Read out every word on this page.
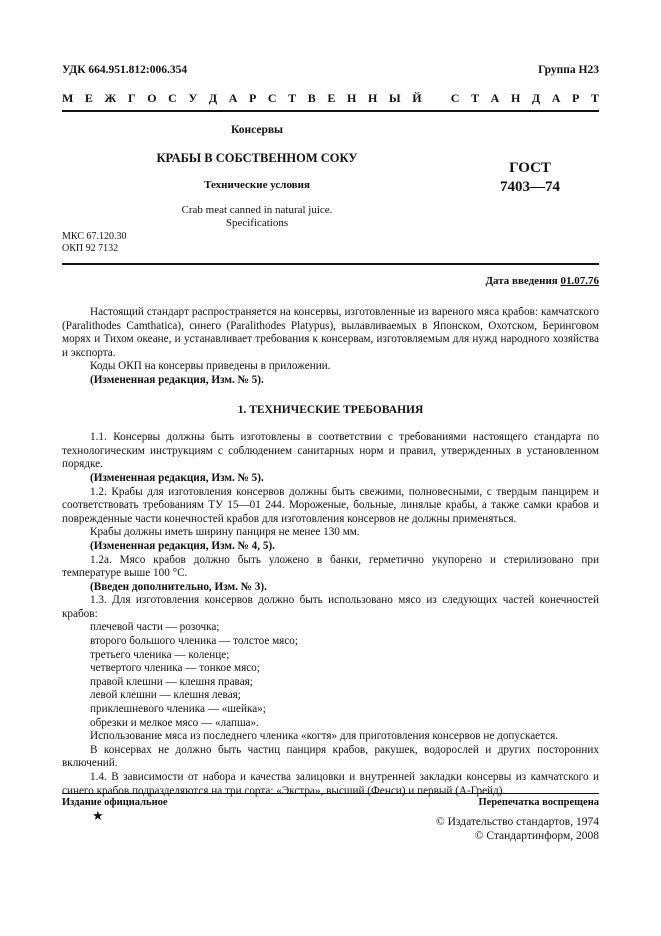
УДК 664.951.812:006.354	Группа Н23
М Е Ж Г О С У Д А Р С Т В Е Н Н Ы Й
С Т А Н Д А Р Т
Консервы
КРАБЫ В СОБСТВЕННОМ СОКУ
Технические условия
Crab meat canned in natural juice.
Specifications
ГОСТ
7403—74
МКС 67.120.30
ОКП 92 7132
Дата введения 01.07.76

Настоящий стандарт распространяется на консервы, изготовленные из вареного мяса крабов: камчатского (Paralithodes Camthatica), синего (Paralithodes Platypus), вылавливаемых в Японском, Охотском, Беринговом морях и Тихом океане, и устанавливает требования к консервам, изготовляемым для нужд народного хозяйства и экспорта.

Коды ОКП на консервы приведены в приложении.

(Измененная редакция, Изм. № 5).

1. ТЕХНИЧЕСКИЕ ТРЕБОВАНИЯ

1.1. Консервы должны быть изготовлены в соответствии с требованиями настоящего стандарта по технологическим инструкциям с соблюдением санитарных норм и правил, утвержденных в установленном порядке.

(Измененная редакция, Изм. № 5).

1.2. Крабы для изготовления консервов должны быть свежими, полновесными, с твердым панцирем и соответствовать требованиям ТУ 15—01 244. Мороженые, больные, линялые крабы, а также самки крабов и поврежденные части конечностей крабов для изготовления консервов не должны применяться.

Крабы должны иметь ширину панциря не менее 130 мм.

(Измененная редакция, Изм. № 4, 5).

1.2а. Мясо крабов должно быть уложено в банки, герметично укупорено и стерилизовано при температуре выше 100 °С.

(Введен дополнительно, Изм. № 3).

1.3. Для изготовления консервов должно быть использовано мясо из следующих частей конечностей крабов:

плечевой части — розочка;

второго большого членика — толстое мясо;

третьего членика — коленце;

четвертого членика — тонкое мясо;

правой клешни — клешня правая;

левой клешни — клешня левая;

приклешневого членика — «шейка»;

обрезки и мелкое мясо — «лапша».

Использование мяса из последнего членика «когтя» для приготовления консервов не допускается.

В консервах не должно быть частиц панциря крабов, ракушек, водорослей и других посторонних включений.

1.4. В зависимости от набора и качества залицовки и внутренней закладки консервы из камчатского и синего крабов подразделяются на три сорта: «Экстра», высший (Фенси) и первый (А-Грейд).

Издание официальное	Перепечатка воспрещена
★	© Издательство стандартов, 1974
© Стандартинформ, 2008
